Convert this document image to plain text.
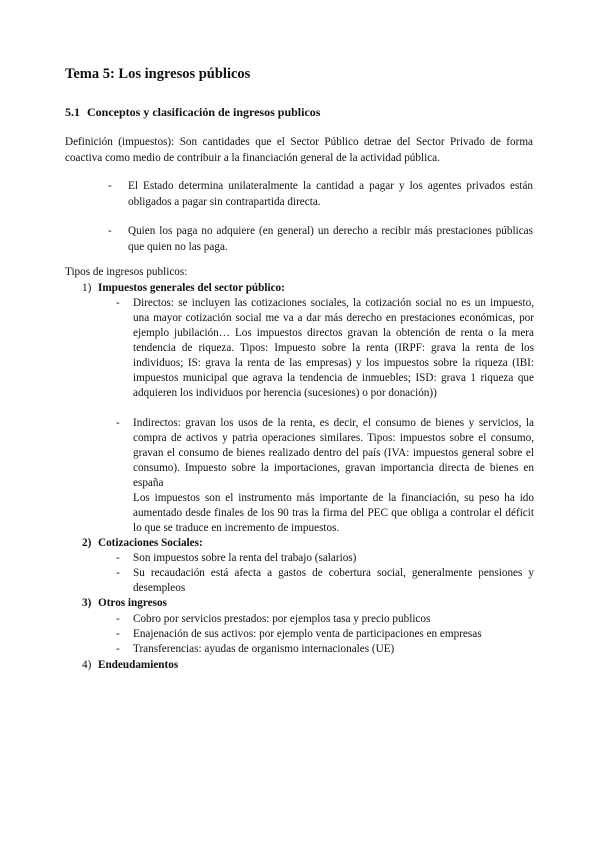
Tema 5: Los ingresos públicos
5.1 Conceptos y clasificación de ingresos publicos

Definición (impuestos): Son cantidades que el Sector Público detrae del Sector Privado de forma coactiva como medio de contribuir a la financiación general de la actividad pública.

- El Estado determina unilateralmente la cantidad a pagar y los agentes privados están obligados a pagar sin contrapartida directa.
- Quien los paga no adquiere (en general) un derecho a recibir más prestaciones públicas que quien no las paga.

Tipos de ingresos publicos:

1) Impuestos generales del sector público:
- Directos: se incluyen las cotizaciones sociales, la cotización social no es un impuesto, una mayor cotización social me va a dar más derecho en prestaciones económicas, por ejemplo jubilación… Los impuestos directos gravan la obtención de renta o la mera tendencia de riqueza. Tipos: Impuesto sobre la renta (IRPF: grava la renta de los individuos; IS: grava la renta de las empresas) y los impuestos sobre la riqueza (IBI: impuestos municipal que agrava la tendencia de inmuebles; ISD: grava 1 riqueza que adquieren los individuos por herencia (sucesiones) o por donación))
- Indirectos: gravan los usos de la renta, es decir, el consumo de bienes y servicios, la compra de activos y patria operaciones similares. Tipos: impuestos sobre el consumo, gravan el consumo de bienes realizado dentro del país (IVA: impuestos general sobre el consumo). Impuesto sobre la importaciones, gravan importancia directa de bienes en españa
Los impuestos son el instrumento más importante de la financiación, su peso ha ido aumentado desde finales de los 90 tras la firma del PEC que obliga a controlar el déficit lo que se traduce en incremento de impuestos.
2) Cotizaciones Sociales:
- Son impuestos sobre la renta del trabajo (salarios)
- Su recaudación está afecta a gastos de cobertura social, generalmente pensiones y desempleos
3) Otros ingresos
- Cobro por servicios prestados: por ejemplos tasa y precio publicos
- Enajenación de sus activos: por ejemplo venta de participaciones en empresas
- Transferencias: ayudas de organismo internacionales (UE)
4) Endeudamientos
